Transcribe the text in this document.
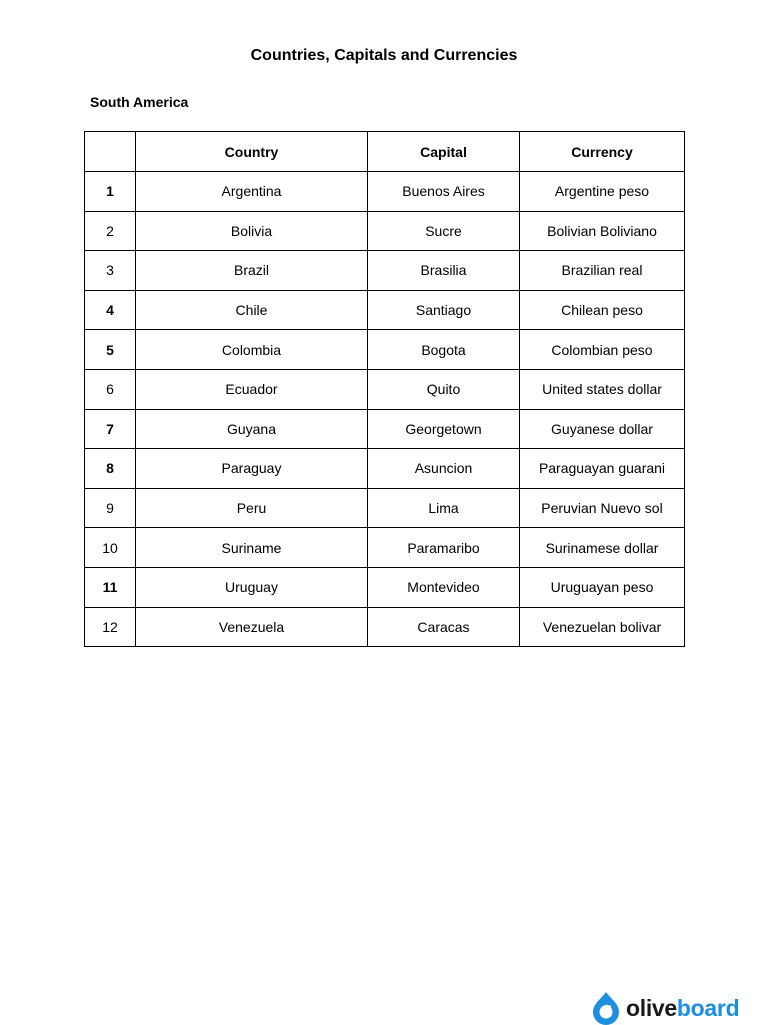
Countries, Capitals and Currencies
South America
	Country	Capital	Currency
1	Argentina	Buenos Aires	Argentine peso
2	Bolivia	Sucre	Bolivian Boliviano
3	Brazil	Brasilia	Brazilian real
4	Chile	Santiago	Chilean peso
5	Colombia	Bogota	Colombian peso
6	Ecuador	Quito	United states dollar
7	Guyana	Georgetown	Guyanese dollar
8	Paraguay	Asuncion	Paraguayan guarani
9	Peru	Lima	Peruvian Nuevo sol
10	Suriname	Paramaribo	Surinamese dollar
11	Uruguay	Montevideo	Uruguayan peso
12	Venezuela	Caracas	Venezuelan bolivar
oliveboard
